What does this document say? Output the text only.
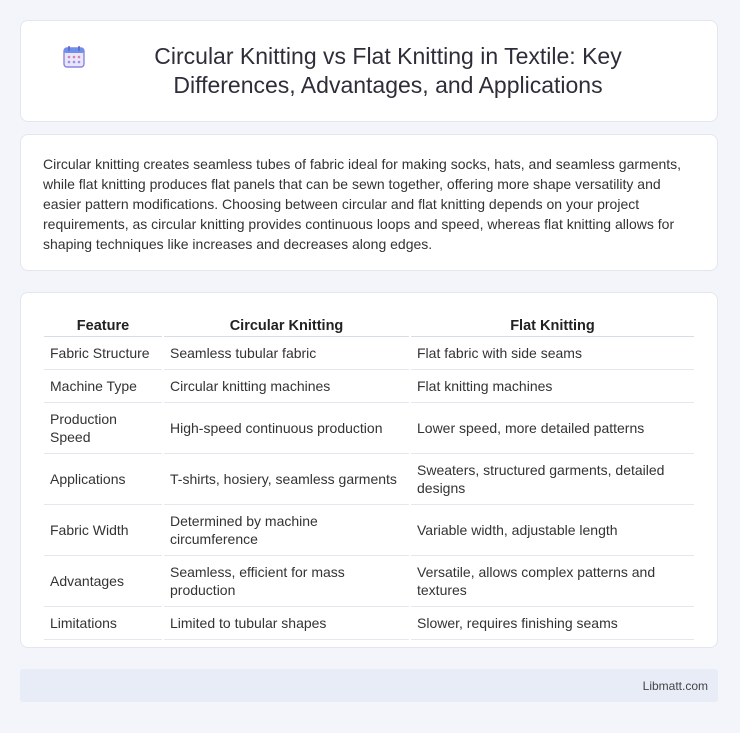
Circular Knitting vs Flat Knitting in Textile: Key Differences, Advantages, and Applications

Circular knitting creates seamless tubes of fabric ideal for making socks, hats, and seamless garments, while flat knitting produces flat panels that can be sewn together, offering more shape versatility and easier pattern modifications. Choosing between circular and flat knitting depends on your project requirements, as circular knitting provides continuous loops and speed, whereas flat knitting allows for shaping techniques like increases and decreases along edges.

Feature	Circular Knitting	Flat Knitting
Fabric Structure	Seamless tubular fabric	Flat fabric with side seams
Machine Type	Circular knitting machines	Flat knitting machines
Production Speed	High-speed continuous production	Lower speed, more detailed patterns
Applications	T-shirts, hosiery, seamless garments	Sweaters, structured garments, detailed designs
Fabric Width	Determined by machine circumference	Variable width, adjustable length
Advantages	Seamless, efficient for mass production	Versatile, allows complex patterns and textures
Limitations	Limited to tubular shapes	Slower, requires finishing seams
Libmatt.com
